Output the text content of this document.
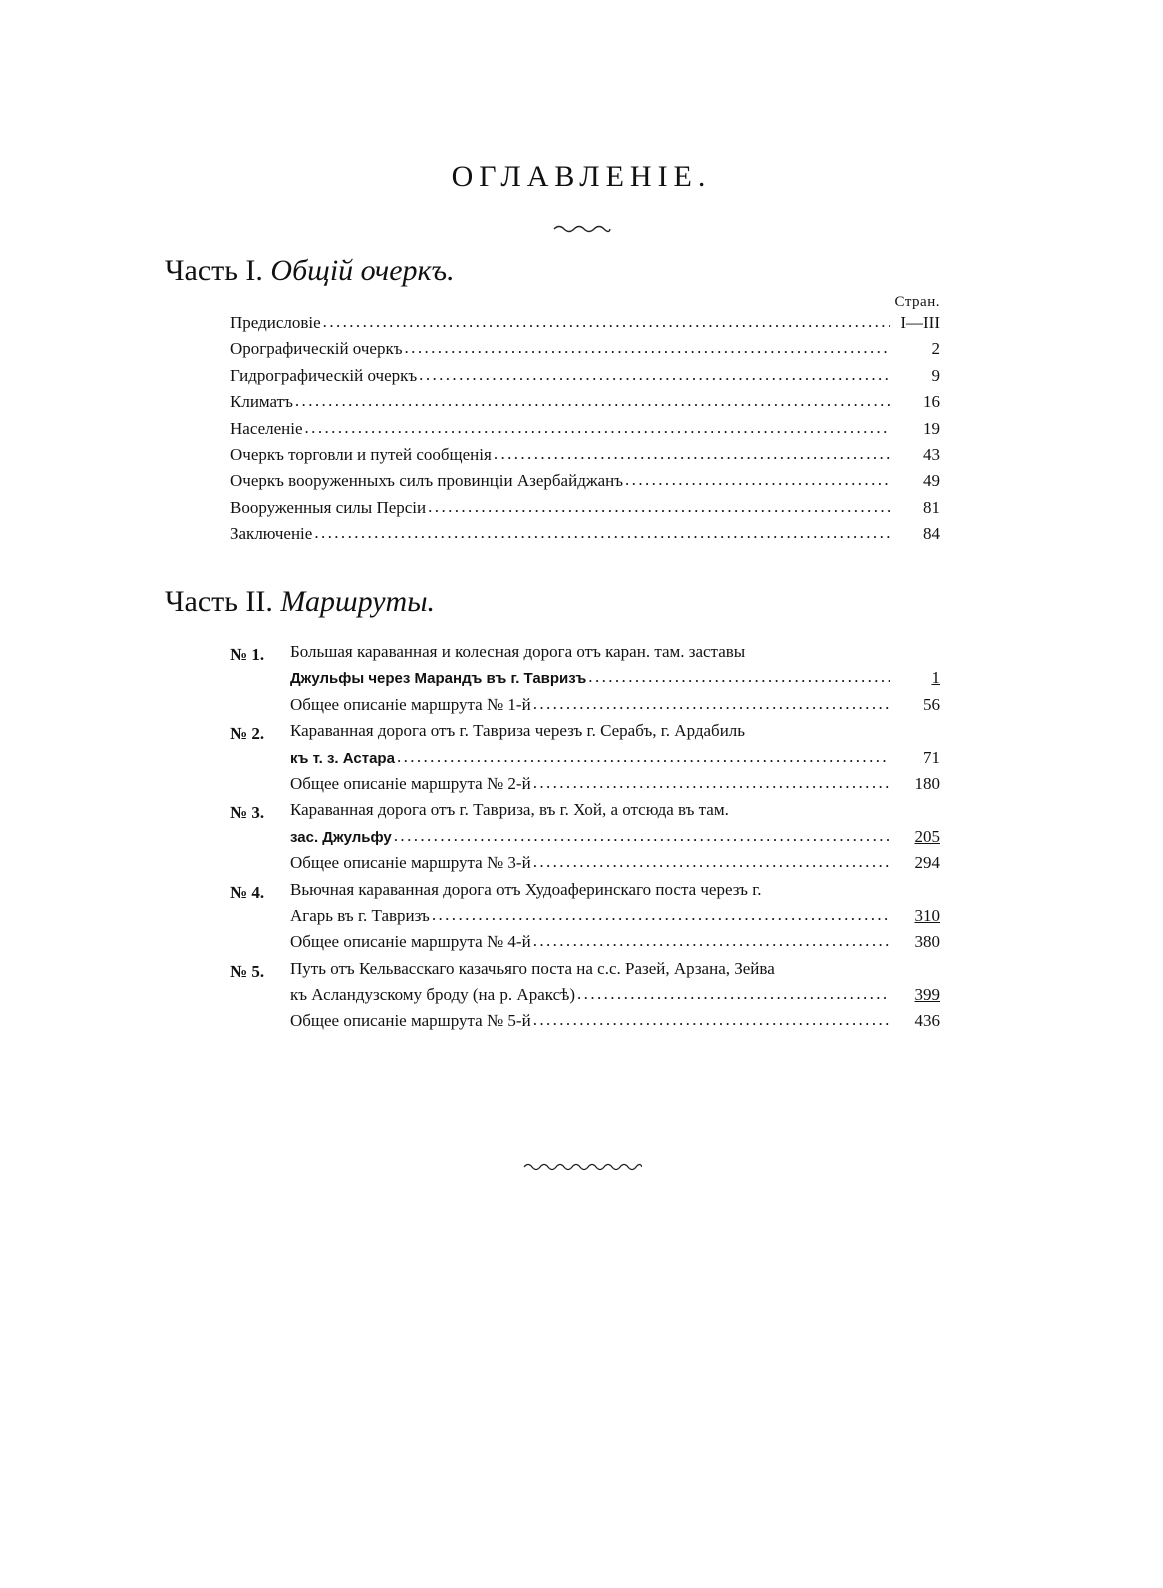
ОГЛАВЛЕНІЕ.
Часть I. Общій очеркъ.
Стран.
Предисловіе .....	I—III
Орографическій очеркъ .....	2
Гидрографическій очеркъ .....	9
Климатъ .....	16
Населеніе .....	19
Очеркъ торговли и путей сообщенія .....	43
Очеркъ вооруженныхъ силъ провинціи Азербайджанъ .....	49
Вооруженныя силы Персіи .....	81
Заключеніе .....	84
Часть II. Маршруты.
№ 1.	Большая караванная и колесная дорога отъ каран. там. заставы
Джульфы через Марандъ въ г. Тавризъ .....	1
Общее описаніе маршрута № 1-й .....	56
№ 2.	Караванная дорога отъ г. Тавриза черезъ г. Серабъ, г. Ардабиль
къ т. з. Астара .....	71
Общее описаніе маршрута № 2-й .....	180
№ 3.	Караванная дорога отъ г. Тавриза, въ г. Хой, а отсюда въ там.
зас. Джульфу .....	205
Общее описаніе маршрута № 3-й .....	294
№ 4.	Вьючная караванная дорога отъ Худоаферинскаго поста черезъ г.
Агарь въ г. Тавризъ .....	310
Общее описаніе маршрута № 4-й .....	380
№ 5.	Путь отъ Кельвасскаго казачьяго поста на с.с. Разей, Арзана, Зейва
къ Асландузскому броду (на р. Араксѣ) .....	399
Общее описаніе маршрута № 5-й .....	436
